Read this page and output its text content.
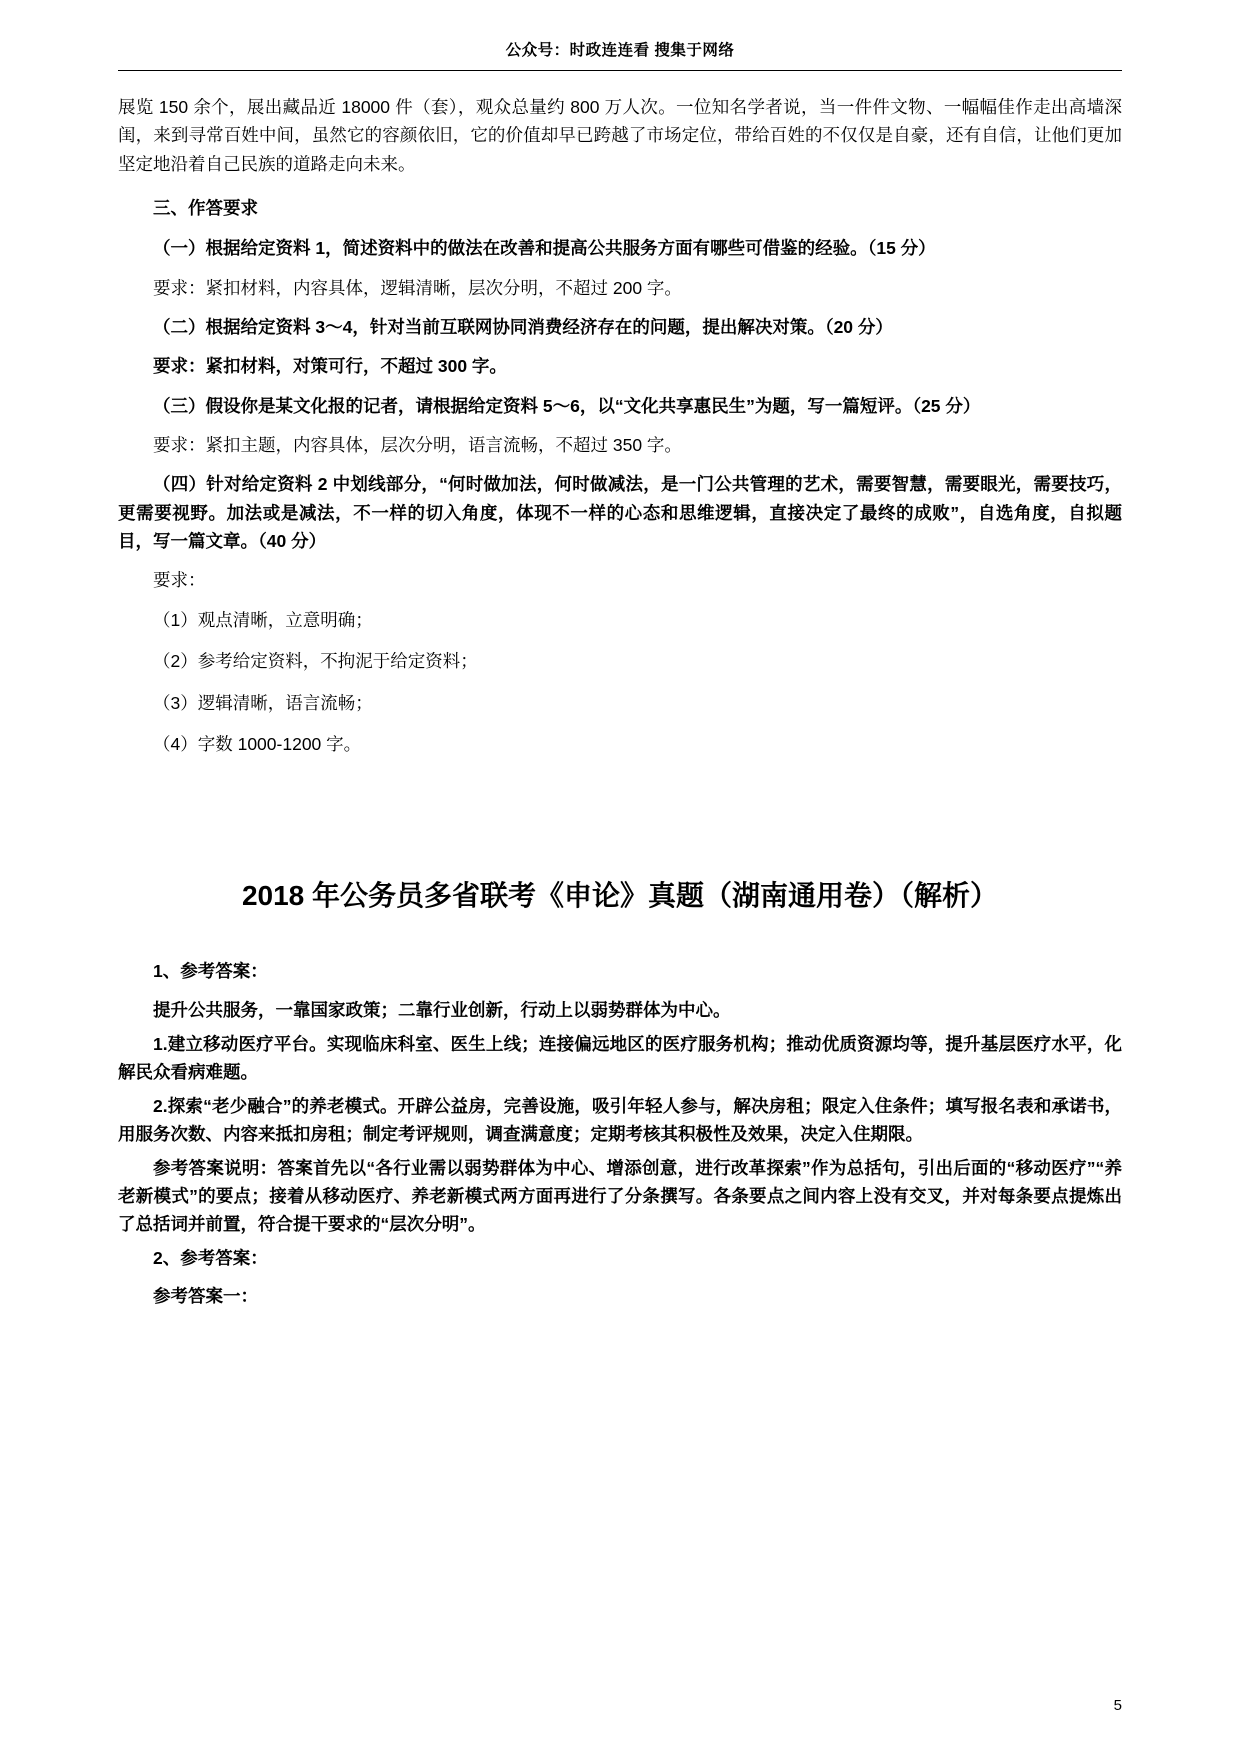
公众号：时政连连看 搜集于网络

展览 150 余个，展出藏品近 18000 件（套），观众总量约 800 万人次。一位知名学者说，当一件件文物、一幅幅佳作走出高墙深闺，来到寻常百姓中间，虽然它的容颜依旧，它的价值却早已跨越了市场定位，带给百姓的不仅仅是自豪，还有自信，让他们更加坚定地沿着自己民族的道路走向未来。

三、作答要求

（一）根据给定资料 1，简述资料中的做法在改善和提高公共服务方面有哪些可借鉴的经验。（15 分）

要求：紧扣材料，内容具体，逻辑清晰，层次分明，不超过 200 字。

（二）根据给定资料 3～4，针对当前互联网协同消费经济存在的问题，提出解决对策。（20 分）

要求：紧扣材料，对策可行，不超过 300 字。

（三）假设你是某文化报的记者，请根据给定资料 5～6，以“文化共享惠民生”为题，写一篇短评。（25 分）

要求：紧扣主题，内容具体，层次分明，语言流畅，不超过 350 字。

（四）针对给定资料 2 中划线部分，“何时做加法，何时做减法，是一门公共管理的艺术，需要智慧，需要眼光，需要技巧，更需要视野。加法或是减法，不一样的切入角度，体现不一样的心态和思维逻辑，直接决定了最终的成败”，自选角度，自拟题目，写一篇文章。（40 分）

要求：

（1）观点清晰，立意明确；

（2）参考给定资料，不拘泥于给定资料；

（3）逻辑清晰，语言流畅；

（4）字数 1000-1200 字。

2018 年公务员多省联考《申论》真题（湖南通用卷）（解析）

1、参考答案：

提升公共服务，一靠国家政策；二靠行业创新，行动上以弱势群体为中心。

1.建立移动医疗平台。实现临床科室、医生上线；连接偏远地区的医疗服务机构；推动优质资源均等，提升基层医疗水平，化解民众看病难题。

2.探索“老少融合”的养老模式。开辟公益房，完善设施，吸引年轻人参与，解决房租；限定入住条件；填写报名表和承诺书，用服务次数、内容来抵扣房租；制定考评规则，调查满意度；定期考核其积极性及效果，决定入住期限。

参考答案说明：答案首先以“各行业需以弱势群体为中心、增添创意，进行改革探索”作为总括句，引出后面的“移动医疗”“养老新模式”的要点；接着从移动医疗、养老新模式两方面再进行了分条撰写。各条要点之间内容上没有交叉，并对每条要点提炼出了总括词并前置，符合提干要求的“层次分明”。

2、参考答案：

参考答案一：

5
